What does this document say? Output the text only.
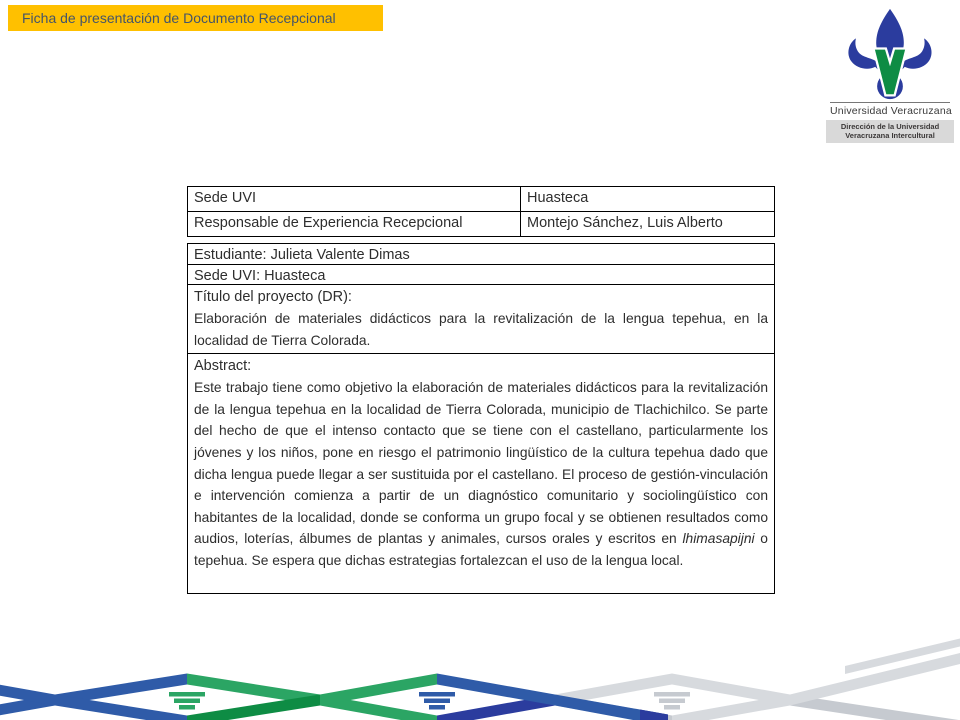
Ficha de presentación de Documento Recepcional
Universidad Veracruzana
Dirección de la Universidad
Veracruzana Intercultural
Sede UVI	Huasteca
Responsable de Experiencia Recepcional	Montejo Sánchez, Luis Alberto
Estudiante: Julieta Valente Dimas
Sede UVI: Huasteca
Título del proyecto (DR):
Elaboración de materiales didácticos para la revitalización de la lengua tepehua, en la localidad de Tierra Colorada.
Abstract:
Este trabajo tiene como objetivo la elaboración de materiales didácticos para la revitalización de la lengua tepehua en la localidad de Tierra Colorada, municipio de Tlachichilco. Se parte del hecho de que el intenso contacto que se tiene con el castellano, particularmente los jóvenes y los niños, pone en riesgo el patrimonio lingüístico de la cultura tepehua dado que dicha lengua puede llegar a ser sustituida por el castellano. El proceso de gestión-vinculación e intervención comienza a partir de un diagnóstico comunitario y sociolingüístico con habitantes de la localidad, donde se conforma un grupo focal y se obtienen resultados como audios, loterías, álbumes de plantas y animales, cursos orales y escritos en lhimasapijni o tepehua. Se espera que dichas estrategias fortalezcan el uso de la lengua local.
